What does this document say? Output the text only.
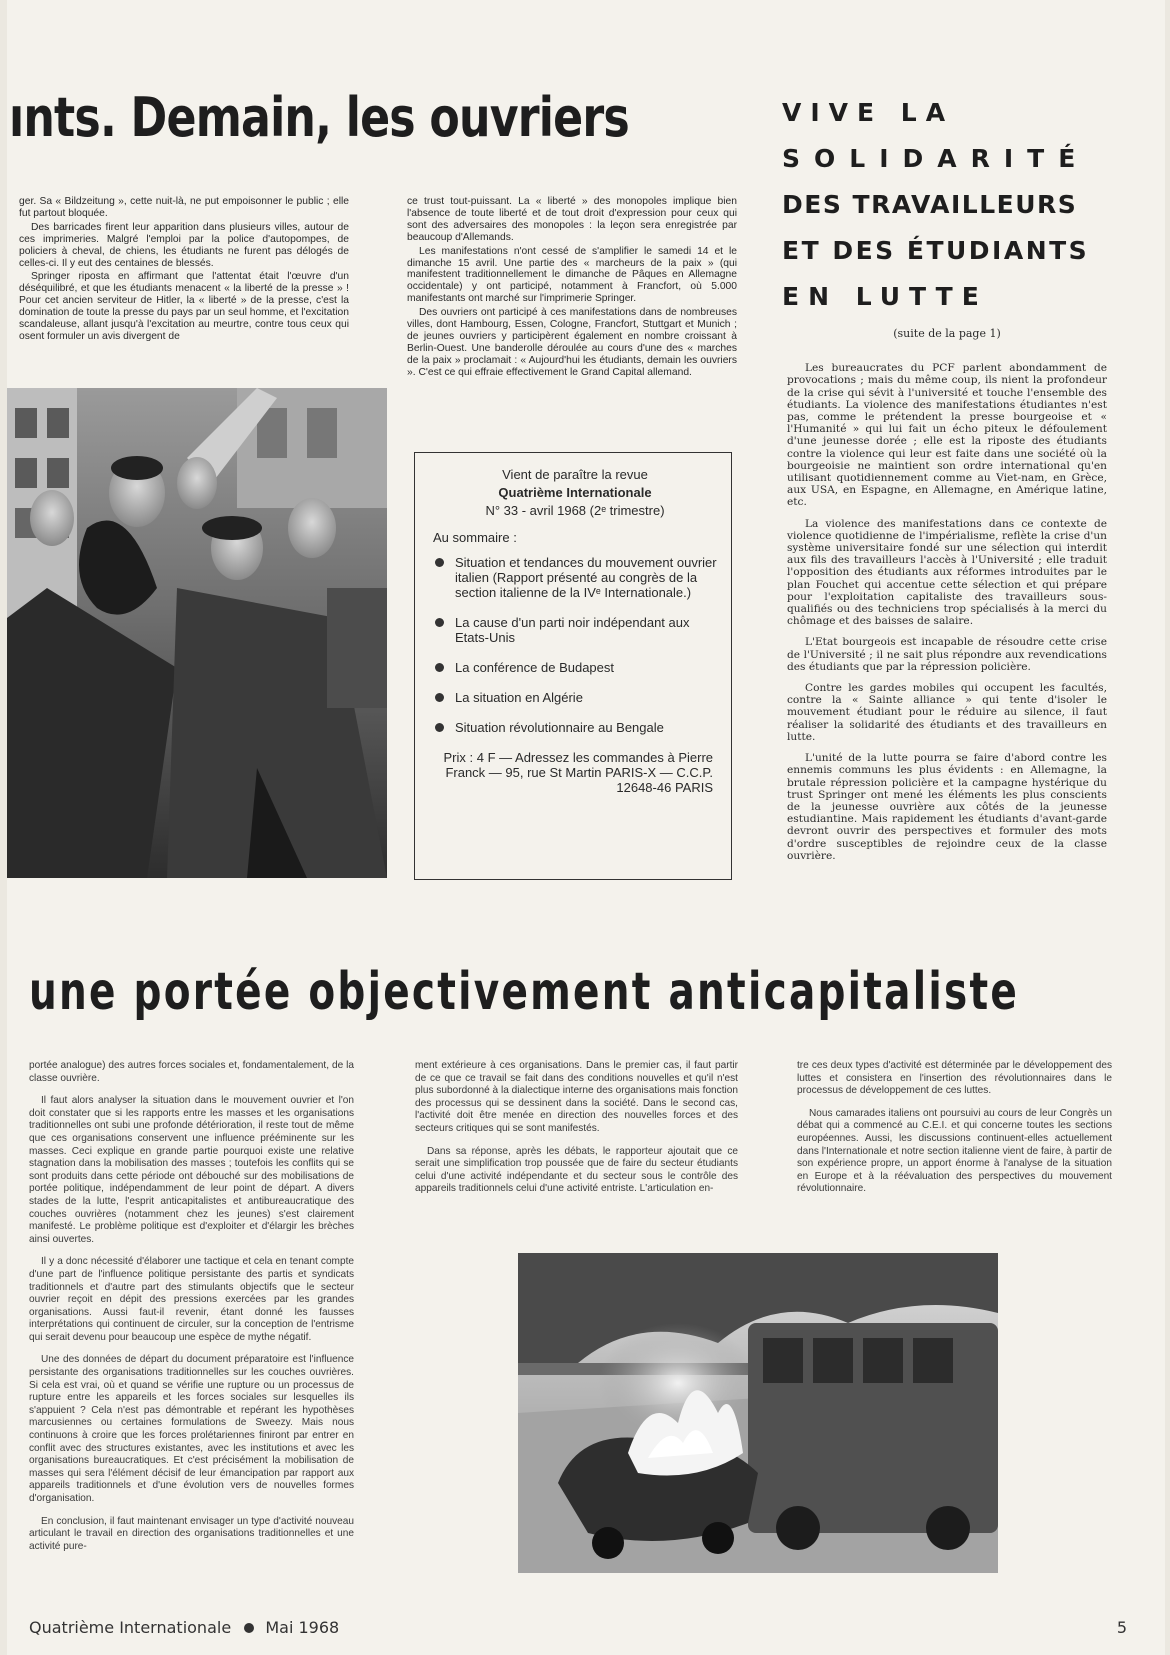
ınts. Demain, les ouvriers	VIVE LA
SOLIDARITÉ
DES TRAVAILLEURS
ET DES ÉTUDIANTS
EN LUTTE
(suite de la page 1)

Les bureaucrates du PCF parlent abondamment de provocations ; mais du même coup, ils nient la profondeur de la crise qui sévit à l'université et touche l'ensemble des étudiants. La violence des manifestations étudiantes n'est pas, comme le prétendent la presse bourgeoise et « l'Humanité » qui lui fait un écho piteux le défoulement d'une jeunesse dorée ; elle est la riposte des étudiants contre la violence qui leur est faite dans une société où la bourgeoisie ne maintient son ordre international qu'en utilisant quotidiennement comme au Viet-nam, en Grèce, aux USA, en Espagne, en Allemagne, en Amérique latine, etc.

La violence des manifestations dans ce contexte de violence quotidienne de l'impérialisme, reflète la crise d'un système universitaire fondé sur une sélection qui interdit aux fils des travailleurs l'accès à l'Université ; elle traduit l'opposition des étudiants aux réformes introduites par le plan Fouchet qui accentue cette sélection et qui prépare pour l'exploitation capitaliste des travailleurs sous-qualifiés ou des techniciens trop spécialisés à la merci du chômage et des baisses de salaire.

L'Etat bourgeois est incapable de résoudre cette crise de l'Université ; il ne sait plus répondre aux revendications des étudiants que par la répression policière.

Contre les gardes mobiles qui occupent les facultés, contre la « Sainte alliance » qui tente d'isoler le mouvement étudiant pour le réduire au silence, il faut réaliser la solidarité des étudiants et des travailleurs en lutte.

L'unité de la lutte pourra se faire d'abord contre les ennemis communs les plus évidents : en Allemagne, la brutale répression policière et la campagne hystérique du trust Springer ont mené les éléments les plus conscients de la jeunesse ouvrière aux côtés de la jeunesse estudiantine. Mais rapidement les étudiants d'avant-garde devront ouvrir des perspectives et formuler des mots d'ordre susceptibles de rejoindre ceux de la classe ouvrière.

ger. Sa « Bildzeitung », cette nuit-là, ne put empoisonner le public ; elle fut partout bloquée.

Des barricades firent leur apparition dans plusieurs villes, autour de ces imprimeries. Malgré l'emploi par la police d'autopompes, de policiers à cheval, de chiens, les étudiants ne furent pas délogés de celles-ci. Il y eut des centaines de blessés.

Springer riposta en affirmant que l'attentat était l'œuvre d'un déséquilibré, et que les étudiants menacent « la liberté de la presse » ! Pour cet ancien serviteur de Hitler, la « liberté » de la presse, c'est la domination de toute la presse du pays par un seul homme, et l'excitation scandaleuse, allant jusqu'à l'excitation au meurtre, contre tous ceux qui osent formuler un avis divergent de

ce trust tout-puissant. La « liberté » des monopoles implique bien l'absence de toute liberté et de tout droit d'expression pour ceux qui sont des adversaires des monopoles : la leçon sera enregistrée par beaucoup d'Allemands.

Les manifestations n'ont cessé de s'amplifier le samedi 14 et le dimanche 15 avril. Une partie des « marcheurs de la paix » (qui manifestent traditionnellement le dimanche de Pâques en Allemagne occidentale) y ont participé, notamment à Francfort, où 5.000 manifestants ont marché sur l'imprimerie Springer.

Des ouvriers ont participé à ces manifestations dans de nombreuses villes, dont Hambourg, Essen, Cologne, Francfort, Stuttgart et Munich ; de jeunes ouvriers y participèrent également en nombre croissant à Berlin-Ouest. Une banderolle déroulée au cours d'une des « marches de la paix » proclamait : « Aujourd'hui les étudiants, demain les ouvriers ». C'est ce qui effraie effectivement le Grand Capital allemand.

Vient de paraître la revue
Quatrième Internationale
N° 33 - avril 1968 (2ᵉ trimestre)
Au sommaire :
Situation et tendances du mouvement ouvrier italien (Rapport présenté au congrès de la section italienne de la IVᵉ Internationale.)
La cause d'un parti noir indépendant aux Etats-Unis
La conférence de Budapest
La situation en Algérie
Situation révolutionnaire au Bengale
Prix : 4 F — Adressez les commandes à Pierre Franck — 95, rue St Martin PARIS-X — C.C.P. 12648-46 PARIS
une portée objectivement anticapitaliste

portée analogue) des autres forces sociales et, fondamentalement, de la classe ouvrière.

Il faut alors analyser la situation dans le mouvement ouvrier et l'on doit constater que si les rapports entre les masses et les organisations traditionnelles ont subi une profonde détérioration, il reste tout de même que ces organisations conservent une influence prééminente sur les masses. Ceci explique en grande partie pourquoi existe une relative stagnation dans la mobilisation des masses ; toutefois les conflits qui se sont produits dans cette période ont débouché sur des mobilisations de portée politique, indépendamment de leur point de départ. A divers stades de la lutte, l'esprit anticapitalistes et antibureaucratique des couches ouvrières (notamment chez les jeunes) s'est clairement manifesté. Le problème politique est d'exploiter et d'élargir les brèches ainsi ouvertes.

Il y a donc nécessité d'élaborer une tactique et cela en tenant compte d'une part de l'influence politique persistante des partis et syndicats traditionnels et d'autre part des stimulants objectifs que le secteur ouvrier reçoit en dépit des pressions exercées par les grandes organisations. Aussi faut-il revenir, étant donné les fausses interprétations qui continuent de circuler, sur la conception de l'entrisme qui serait devenu pour beaucoup une espèce de mythe négatif.

Une des données de départ du document préparatoire est l'influence persistante des organisations traditionnelles sur les couches ouvrières. Si cela est vrai, où et quand se vérifie une rupture ou un processus de rupture entre les appareils et les forces sociales sur lesquelles ils s'appuient ? Cela n'est pas démontrable et repérant les hypothèses marcusiennes ou certaines formulations de Sweezy. Mais nous continuons à croire que les forces prolétariennes finiront par entrer en conflit avec des structures existantes, avec les institutions et avec les organisations bureaucratiques. Et c'est précisément la mobilisation de masses qui sera l'élément décisif de leur émancipation par rapport aux appareils traditionnels et d'une évolution vers de nouvelles formes d'organisation.

En conclusion, il faut maintenant envisager un type d'activité nouveau articulant le travail en direction des organisations traditionnelles et une activité pure-

ment extérieure à ces organisations. Dans le premier cas, il faut partir de ce que ce travail se fait dans des conditions nouvelles et qu'il n'est plus subordonné à la dialectique interne des organisations mais fonction des processus qui se dessinent dans la société. Dans le second cas, l'activité doit être menée en direction des nouvelles forces et des secteurs critiques qui se sont manifestés.

Dans sa réponse, après les débats, le rapporteur ajoutait que ce serait une simplification trop poussée que de faire du secteur étudiants celui d'une activité indépendante et du secteur sous le contrôle des appareils traditionnels celui d'une activité entriste. L'articulation en-

tre ces deux types d'activité est déterminée par le développement des luttes et consistera en l'insertion des révolutionnaires dans le processus de développement de ces luttes.

Nous camarades italiens ont poursuivi au cours de leur Congrès un débat qui a commencé au C.E.I. et qui concerne toutes les sections européennes. Aussi, les discussions continuent-elles actuellement dans l'Internationale et notre section italienne vient de faire, à partir de son expérience propre, un apport énorme à l'analyse de la situation en Europe et à la réévaluation des perspectives du mouvement révolutionnaire.

Quatrième Internationale Mai 1968	5
